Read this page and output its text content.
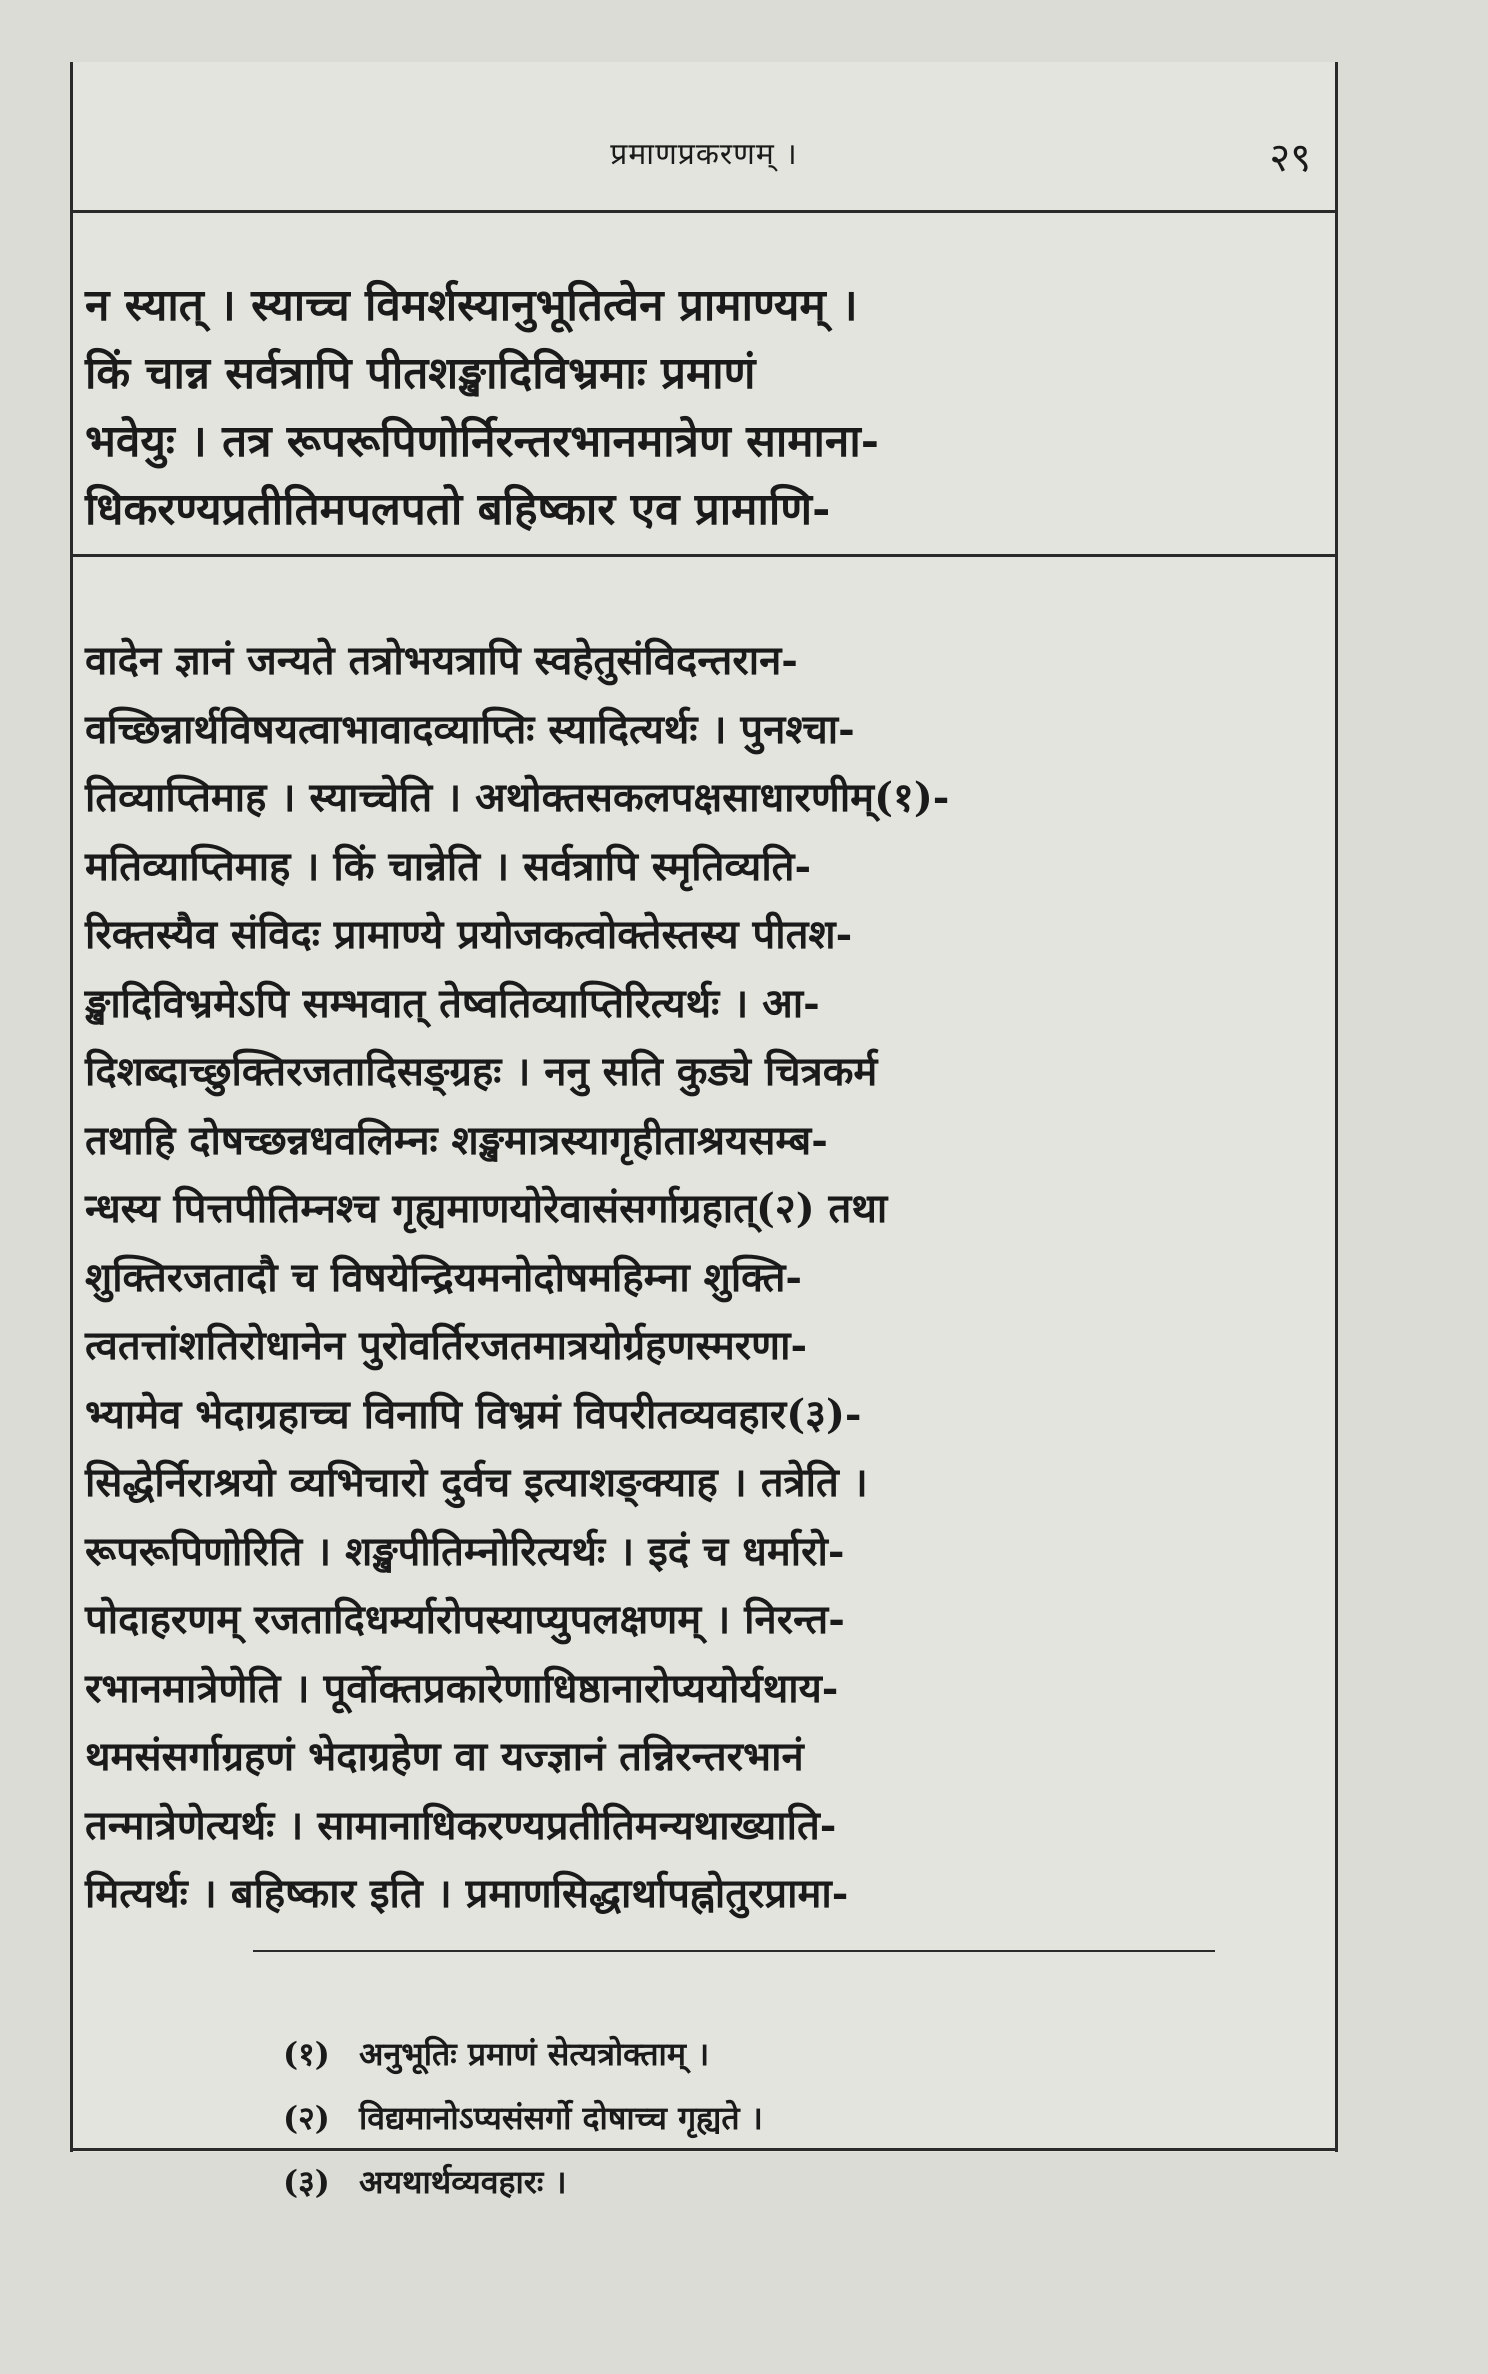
प्रमाणप्रकरणम् ।	२९

न स्यात् । स्याच्च विमर्शस्यानुभूतित्वेन प्रामाण्यम् ।

किं चान्न सर्वत्रापि पीतशङ्खादिविभ्रमाः प्रमाणं

भवेयुः । तत्र रूपरूपिणोर्निरन्तरभानमात्रेण सामाना-

धिकरण्यप्रतीतिमपलपतो बहिष्कार एव प्रामाणि-

वादेन ज्ञानं जन्यते तत्रोभयत्रापि स्वहेतुसंविदन्तरान-

वच्छिन्नार्थविषयत्वाभावादव्याप्तिः स्यादित्यर्थः । पुनश्चा-

तिव्याप्तिमाह । स्याच्चेति । अथोक्तसकलपक्षसाधारणीम्(१)-

मतिव्याप्तिमाह । किं चान्नेति । सर्वत्रापि स्मृतिव्यति-

रिक्तस्यैव संविदः प्रामाण्ये प्रयोजकत्वोक्तेस्तस्य पीतश-

ङ्खादिविभ्रमेऽपि सम्भवात् तेष्वतिव्याप्तिरित्यर्थः । आ-

दिशब्दाच्छुक्तिरजतादिसङ्ग्रहः । ननु सति कुड्ये चित्रकर्म

तथाहि दोषच्छन्नधवलिम्नः शङ्खमात्रस्यागृहीताश्रयसम्ब-

न्धस्य पित्तपीतिम्नश्च गृह्यमाणयोरेवासंसर्गाग्रहात्(२) तथा

शुक्तिरजतादौ च विषयेन्द्रियमनोदोषमहिम्ना शुक्ति-

त्वतत्तांशतिरोधानेन पुरोवर्तिरजतमात्रयोर्ग्रहणस्मरणा-

भ्यामेव भेदाग्रहाच्च विनापि विभ्रमं विपरीतव्यवहार(३)-

सिद्धेर्निराश्रयो व्यभिचारो दुर्वच इत्याशङ्क्याह । तत्रेति ।

रूपरूपिणोरिति । शङ्खपीतिम्नोरित्यर्थः । इदं च धर्मारो-

पोदाहरणम् रजतादिधर्म्यारोपस्याप्युपलक्षणम् । निरन्त-

रभानमात्रेणेति । पूर्वोक्तप्रकारेणाधिष्ठानारोप्ययोर्यथाय-

थमसंसर्गाग्रहणं भेदाग्रहेण वा यज्ज्ञानं तन्निरन्तरभानं

तन्मात्रेणेत्यर्थः । सामानाधिकरण्यप्रतीतिमन्यथाख्याति-

मित्यर्थः । बहिष्कार इति । प्रमाणसिद्धार्थापह्नोतुरप्रामा-

(१) अनुभूतिः प्रमाणं सेत्यत्रोक्ताम् ।
(२) विद्यमानोऽप्यसंसर्गो दोषाच्च गृह्यते ।
(३) अयथार्थव्यवहारः ।
